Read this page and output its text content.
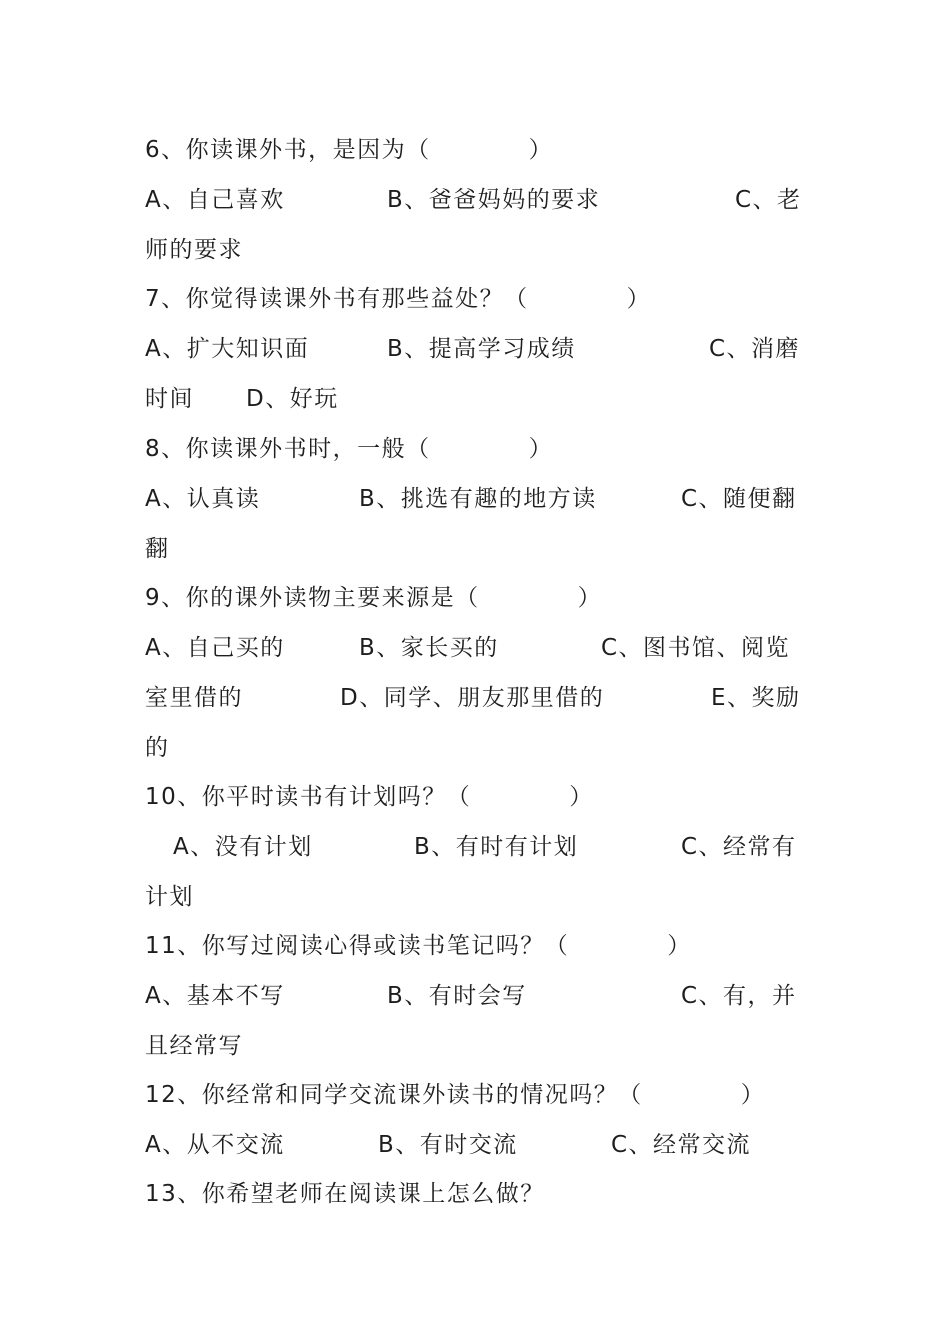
6、你读课外书，是因为（　　　　）
A、自己喜欢	B、爸爸妈妈的要求	C、老
师的要求
7、你觉得读课外书有那些益处？（　　　　）
A、扩大知识面	B、提高学习成绩	C、消磨
时间 D、好玩
8、你读课外书时，一般（　　　　）
A、认真读	B、挑选有趣的地方读	C、随便翻
翻
9、你的课外读物主要来源是（　　　　）
A、自己买的	B、家长买的	C、图书馆、阅览
室里借的	D、同学、朋友那里借的	E、奖励
的
10、你平时读书有计划吗？（　　　　）
A、没有计划	B、有时有计划	C、经常有
计划
11、你写过阅读心得或读书笔记吗？（　　　　）
A、基本不写	B、有时会写	C、有，并
且经常写
12、你经常和同学交流课外读书的情况吗？（　　　　）
A、从不交流	B、有时交流	C、经常交流
13、你希望老师在阅读课上怎么做？
